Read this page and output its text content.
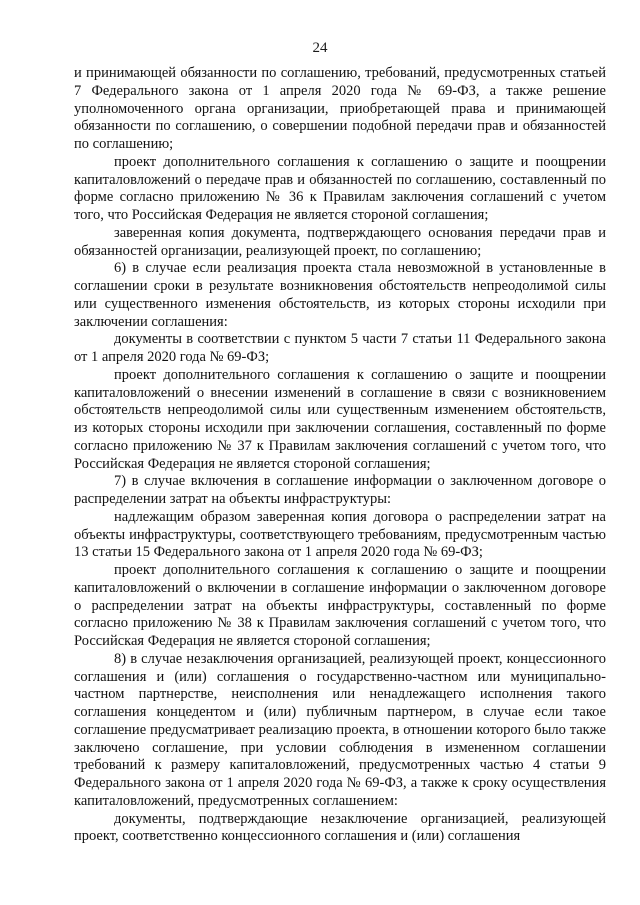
24

и принимающей обязанности по соглашению, требований, предусмотренных статьей 7 Федерального закона от 1 апреля 2020 года № 69-ФЗ, а также решение уполномоченного органа организации, приобретающей права и принимающей обязанности по соглашению, о совершении подобной передачи прав и обязанностей по соглашению;

проект дополнительного соглашения к соглашению о защите и поощрении капиталовложений о передаче прав и обязанностей по соглашению, составленный по форме согласно приложению № 36 к Правилам заключения соглашений с учетом того, что Российская Федерация не является стороной соглашения;

заверенная копия документа, подтверждающего основания передачи прав и обязанностей организации, реализующей проект, по соглашению;

6) в случае если реализация проекта стала невозможной в установленные в соглашении сроки в результате возникновения обстоятельств непреодолимой силы или существенного изменения обстоятельств, из которых стороны исходили при заключении соглашения:

документы в соответствии с пунктом 5 части 7 статьи 11 Федерального закона от 1 апреля 2020 года № 69-ФЗ;

проект дополнительного соглашения к соглашению о защите и поощрении капиталовложений о внесении изменений в соглашение в связи с возникновением обстоятельств непреодолимой силы или существенным изменением обстоятельств, из которых стороны исходили при заключении соглашения, составленный по форме согласно приложению № 37 к Правилам заключения соглашений с учетом того, что Российская Федерация не является стороной соглашения;

7) в случае включения в соглашение информации о заключенном договоре о распределении затрат на объекты инфраструктуры:

надлежащим образом заверенная копия договора о распределении затрат на объекты инфраструктуры, соответствующего требованиям, предусмотренным частью 13 статьи 15 Федерального закона от 1 апреля 2020 года № 69-ФЗ;

проект дополнительного соглашения к соглашению о защите и поощрении капиталовложений о включении в соглашение информации о заключенном договоре о распределении затрат на объекты инфраструктуры, составленный по форме согласно приложению № 38 к Правилам заключения соглашений с учетом того, что Российская Федерация не является стороной соглашения;

8) в случае незаключения организацией, реализующей проект, концессионного соглашения и (или) соглашения о государственно-частном или муниципально-частном партнерстве, неисполнения или ненадлежащего исполнения такого соглашения концедентом и (или) публичным партнером, в случае если такое соглашение предусматривает реализацию проекта, в отношении которого было также заключено соглашение, при условии соблюдения в измененном соглашении требований к размеру капиталовложений, предусмотренных частью 4 статьи 9 Федерального закона от 1 апреля 2020 года № 69-ФЗ, а также к сроку осуществления капиталовложений, предусмотренных соглашением:

документы, подтверждающие незаключение организацией, реализующей проект, соответственно концессионного соглашения и (или) соглашения
